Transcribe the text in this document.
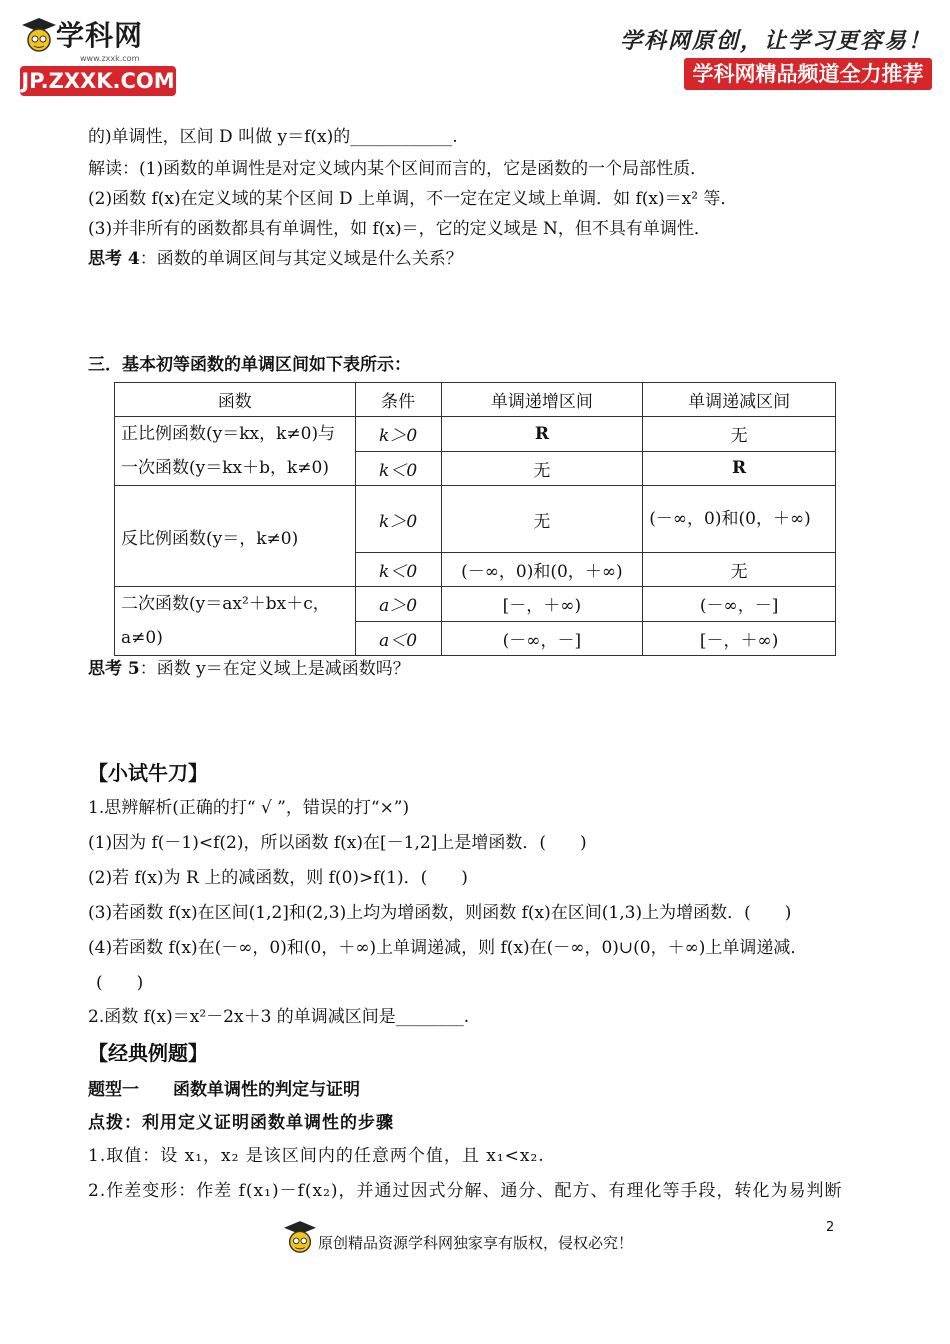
学科网
www.zxxk.com
JP.ZXXK.COM
学科网原创，让学习更容易！
学科网精品频道全力推荐
的)单调性，区间 D 叫做 y＝f(x)的____________.
解读：(1)函数的单调性是对定义域内某个区间而言的，它是函数的一个局部性质．
(2)函数 f(x)在定义域的某个区间 D 上单调，不一定在定义域上单调．如 f(x)＝x² 等．
(3)并非所有的函数都具有单调性，如 f(x)＝，它的定义域是 N，但不具有单调性．
思考 4：函数的单调区间与其定义域是什么关系？
三．基本初等函数的单调区间如下表所示：
函数	条件	单调递增区间	单调递减区间

正比例函数(y＝kx，k≠0)与
一次函数(y＝kx＋b，k≠0)	k＞0	R	无
	k＜0	无	R
反比例函数(y＝，k≠0)	k＞0	无	(－∞，0)和(0，＋∞)
	k＜0	(－∞，0)和(0，＋∞)	无

二次函数(y＝ax²＋bx＋c，
a≠0)	a＞0	[－，＋∞)	(－∞，－]
	a＜0	(－∞，－]	[－，＋∞)
思考 5：函数 y＝在定义域上是减函数吗？
【小试牛刀】
1.思辨解析(正确的打“ √ ”，错误的打“×”)
(1)因为 f(－1)<f(2)，所以函数 f(x)在[－1,2]上是增函数．(　　)
(2)若 f(x)为 R 上的减函数，则 f(0)>f(1)．(　　)
(3)若函数 f(x)在区间(1,2]和(2,3)上均为增函数，则函数 f(x)在区间(1,3)上为增函数．(　　)
(4)若函数 f(x)在(－∞，0)和(0，＋∞)上单调递减，则 f(x)在(－∞，0)∪(0，＋∞)上单调递减．
(　　)
2.函数 f(x)＝x²－2x＋3 的单调减区间是________.
【经典例题】
题型一　　函数单调性的判定与证明
点拨：利用定义证明函数单调性的步骤
1.取值：设 x₁，x₂ 是该区间内的任意两个值，且 x₁<x₂.
2.作差变形：作差 f(x₁)－f(x₂)，并通过因式分解、通分、配方、有理化等手段，转化为易判断
原创精品资源学科网独家享有版权，侵权必究！
2
